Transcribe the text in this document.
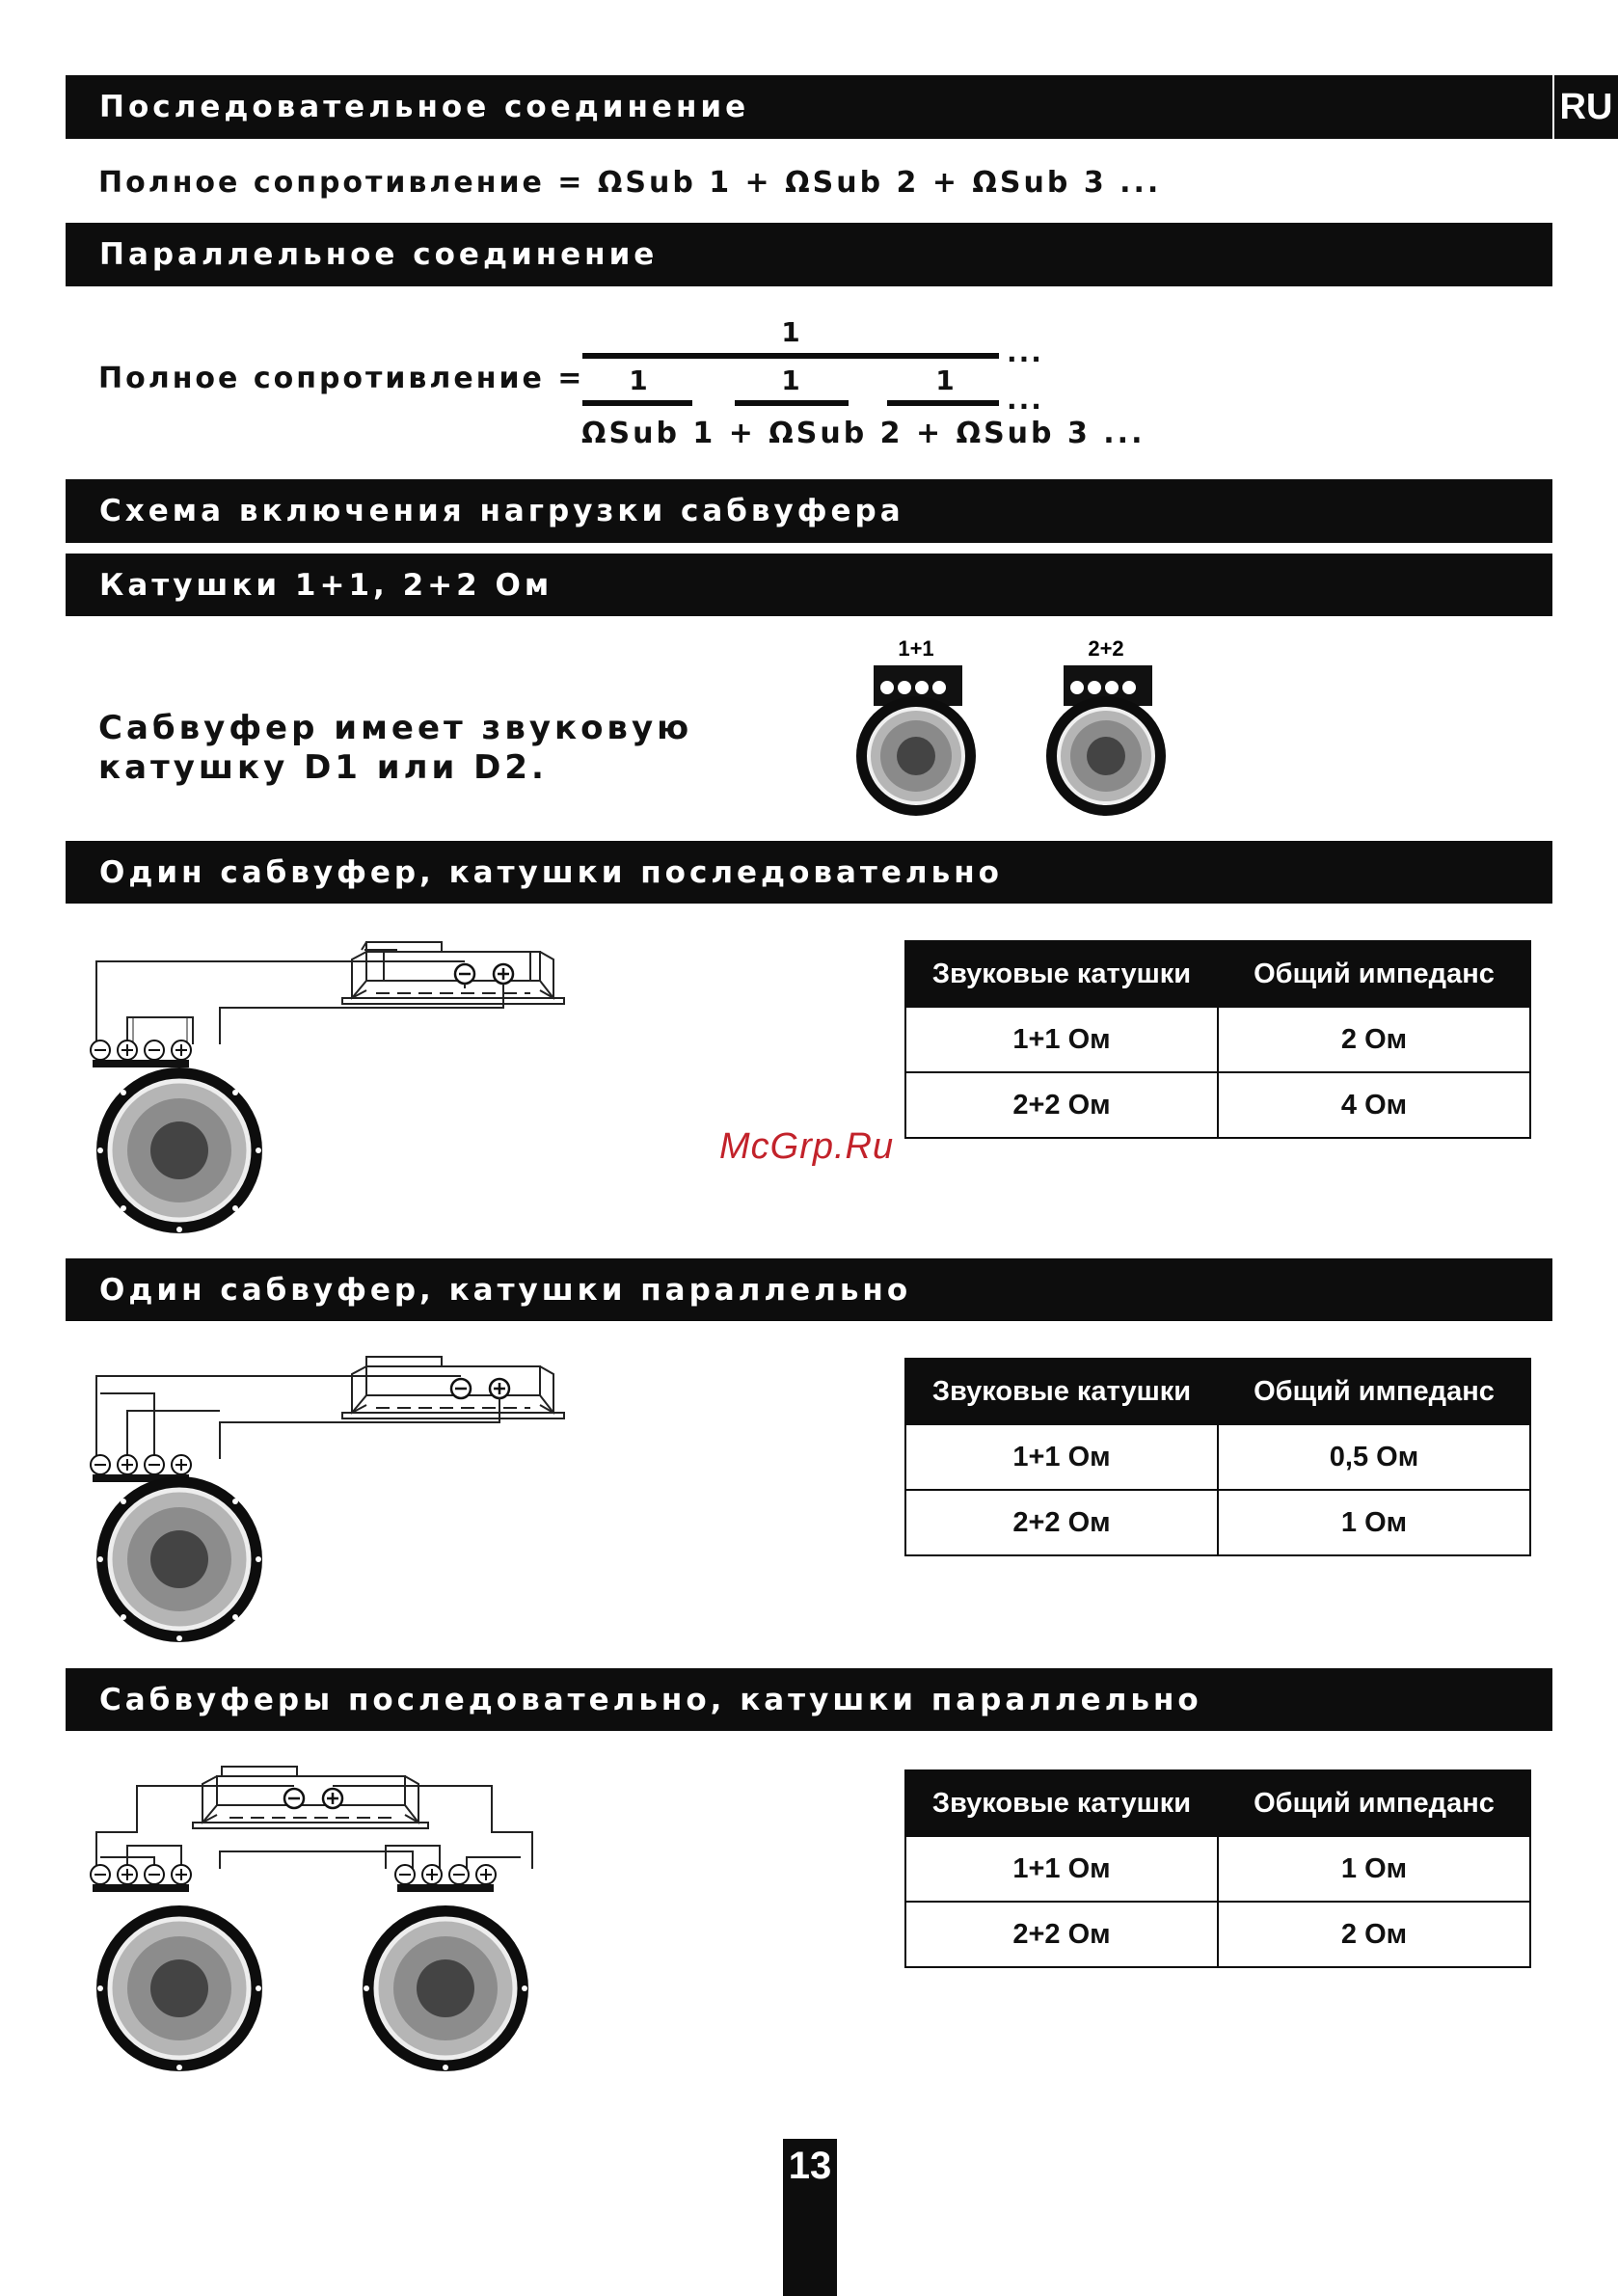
RU
Последовательное соединение
Полное сопротивление = ΩSub 1 + ΩSub 2 + ΩSub 3 ...
Параллельное соединение
Полное сопротивление =
1
...
1	1	1
...
ΩSub 1 + ΩSub 2 + ΩSub 3 ...
Схема включения нагрузки сабвуфера
Катушки 1+1, 2+2 Ом
Сабвуфер имеет звуковую
катушку D1 или D2.
1+1	2+2
Один сабвуфер, катушки последовательно
Звуковые катушки	Общий импеданс
1+1 Ом	2 Ом
2+2 Ом	4 Ом
McGrp.Ru
Один сабвуфер, катушки параллельно
Звуковые катушки	Общий импеданс
1+1 Ом	0,5 Ом
2+2 Ом	1 Ом
Сабвуферы последовательно, катушки параллельно
Звуковые катушки	Общий импеданс
1+1 Ом	1 Ом
2+2 Ом	2 Ом
13
